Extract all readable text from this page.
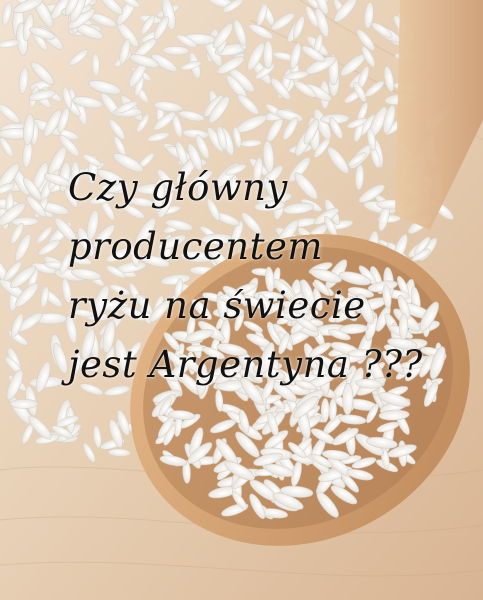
Czy główny
producentem
ryżu na świecie
jest Argentyna ???
